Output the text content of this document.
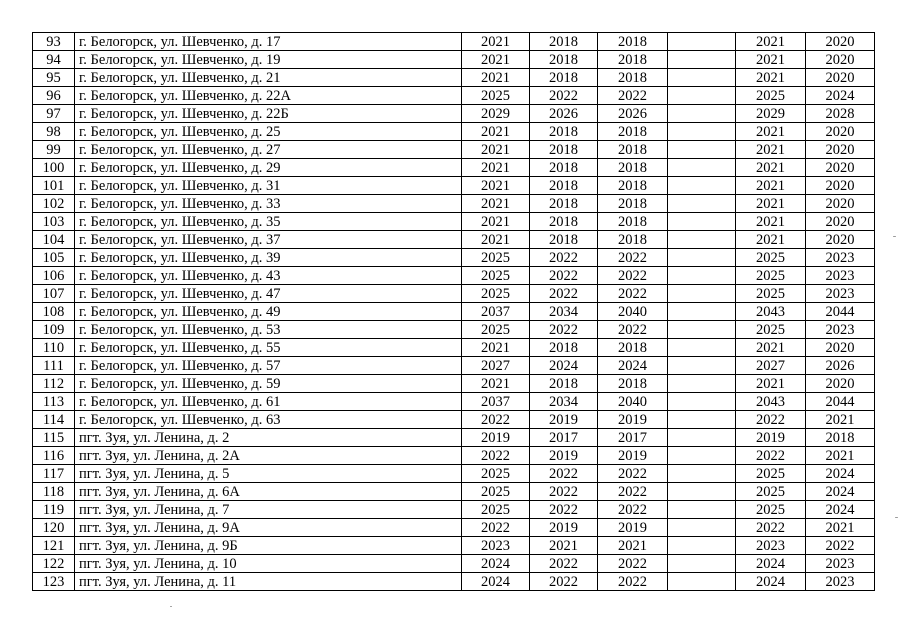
93	г. Белогорск, ул. Шевченко, д. 17	2021	2018	2018		2021	2020
94	г. Белогорск, ул. Шевченко, д. 19	2021	2018	2018		2021	2020
95	г. Белогорск, ул. Шевченко, д. 21	2021	2018	2018		2021	2020
96	г. Белогорск, ул. Шевченко, д. 22А	2025	2022	2022		2025	2024
97	г. Белогорск, ул. Шевченко, д. 22Б	2029	2026	2026		2029	2028
98	г. Белогорск, ул. Шевченко, д. 25	2021	2018	2018		2021	2020
99	г. Белогорск, ул. Шевченко, д. 27	2021	2018	2018		2021	2020
100	г. Белогорск, ул. Шевченко, д. 29	2021	2018	2018		2021	2020
101	г. Белогорск, ул. Шевченко, д. 31	2021	2018	2018		2021	2020
102	г. Белогорск, ул. Шевченко, д. 33	2021	2018	2018		2021	2020
103	г. Белогорск, ул. Шевченко, д. 35	2021	2018	2018		2021	2020
104	г. Белогорск, ул. Шевченко, д. 37	2021	2018	2018		2021	2020
105	г. Белогорск, ул. Шевченко, д. 39	2025	2022	2022		2025	2023
106	г. Белогорск, ул. Шевченко, д. 43	2025	2022	2022		2025	2023
107	г. Белогорск, ул. Шевченко, д. 47	2025	2022	2022		2025	2023
108	г. Белогорск, ул. Шевченко, д. 49	2037	2034	2040		2043	2044
109	г. Белогорск, ул. Шевченко, д. 53	2025	2022	2022		2025	2023
110	г. Белогорск, ул. Шевченко, д. 55	2021	2018	2018		2021	2020
111	г. Белогорск, ул. Шевченко, д. 57	2027	2024	2024		2027	2026
112	г. Белогорск, ул. Шевченко, д. 59	2021	2018	2018		2021	2020
113	г. Белогорск, ул. Шевченко, д. 61	2037	2034	2040		2043	2044
114	г. Белогорск, ул. Шевченко, д. 63	2022	2019	2019		2022	2021
115	пгт. Зуя, ул. Ленина, д. 2	2019	2017	2017		2019	2018
116	пгт. Зуя, ул. Ленина, д. 2А	2022	2019	2019		2022	2021
117	пгт. Зуя, ул. Ленина, д. 5	2025	2022	2022		2025	2024
118	пгт. Зуя, ул. Ленина, д. 6А	2025	2022	2022		2025	2024
119	пгт. Зуя, ул. Ленина, д. 7	2025	2022	2022		2025	2024
120	пгт. Зуя, ул. Ленина, д. 9А	2022	2019	2019		2022	2021
121	пгт. Зуя, ул. Ленина, д. 9Б	2023	2021	2021		2023	2022
122	пгт. Зуя, ул. Ленина, д. 10	2024	2022	2022		2024	2023
123	пгт. Зуя, ул. Ленина, д. 11	2024	2022	2022		2024	2023
